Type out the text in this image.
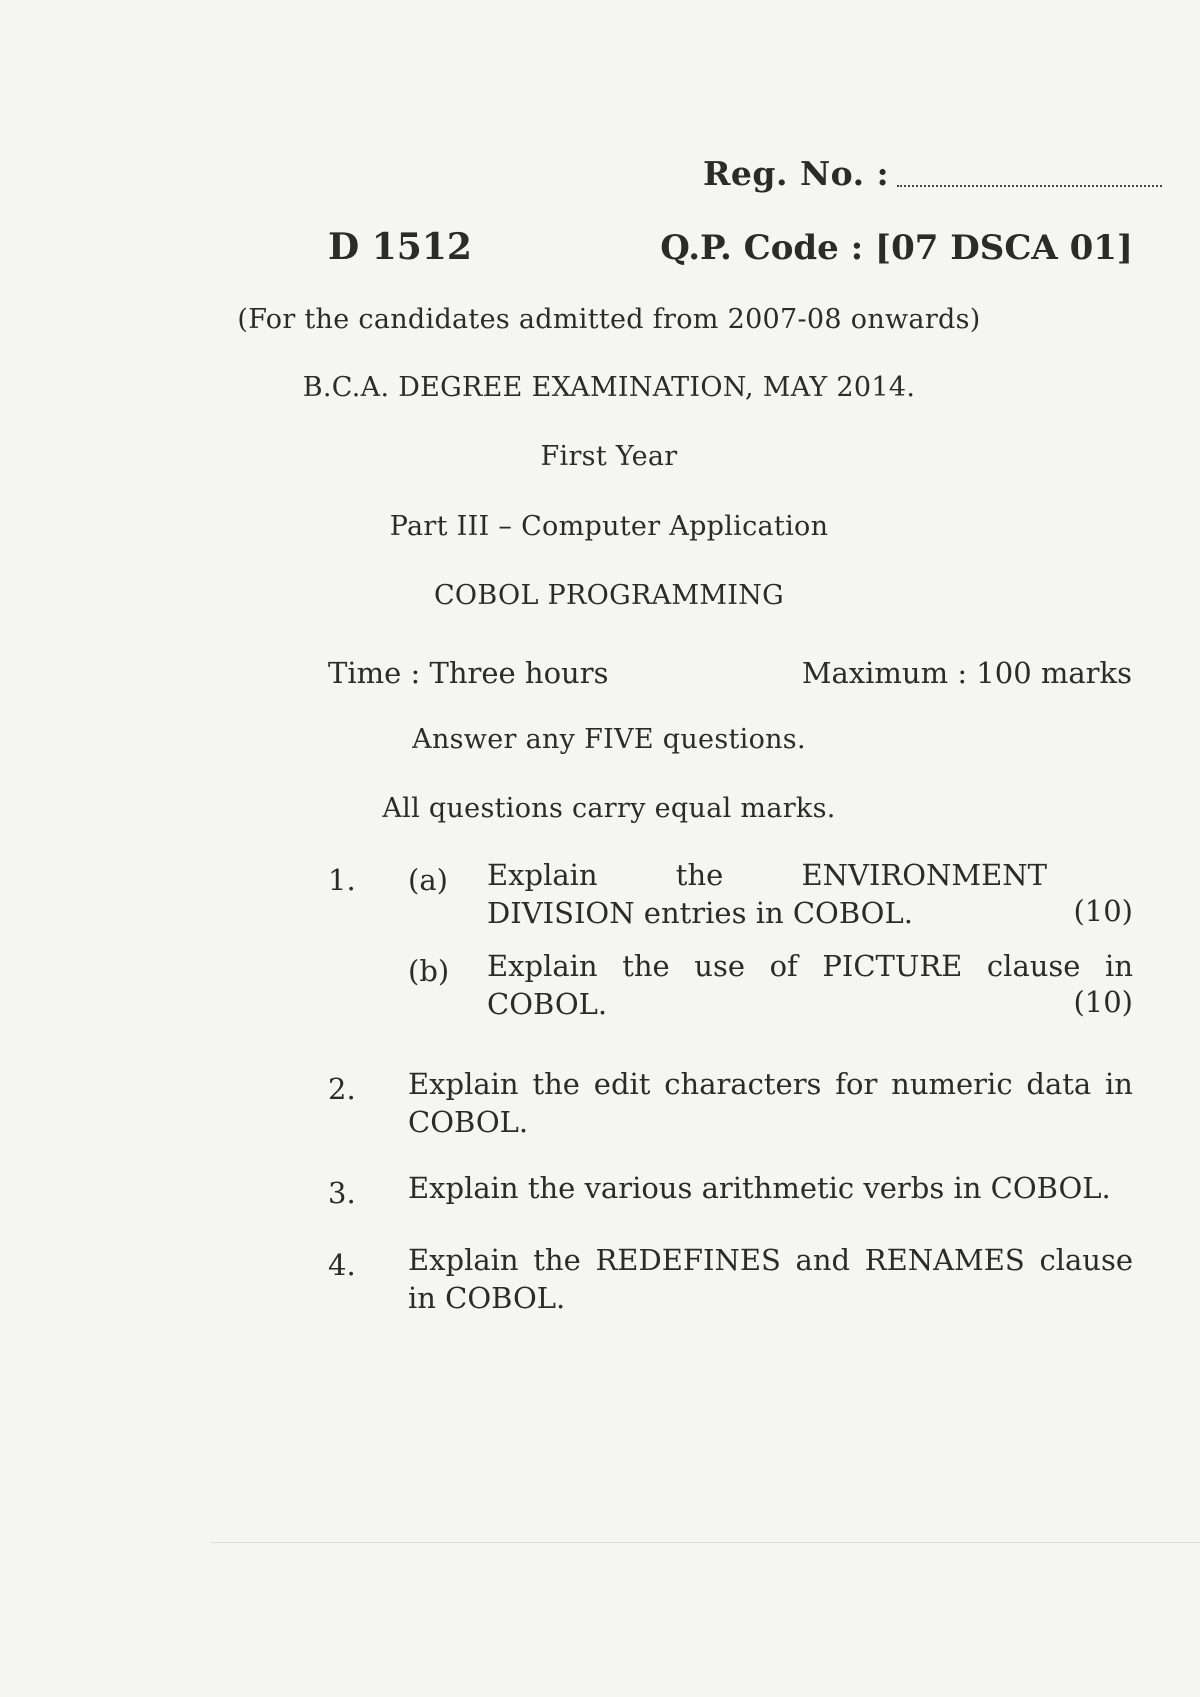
Reg. No. :
D 1512	Q.P. Code : [07 DSCA 01]
(For the candidates admitted from 2007-08 onwards)
B.C.A. DEGREE EXAMINATION, MAY 2014.
First Year
Part III – Computer Application
COBOL PROGRAMMING
Time : Three hours	Maximum : 100 marks
Answer any FIVE questions.
All questions carry equal marks.
1. (a) Explain the ENVIRONMENT DIVISION entries in COBOL.	(10)
(b) Explain the use of PICTURE clause in COBOL.	(10)
2. Explain the edit characters for numeric data in COBOL.
3. Explain the various arithmetic verbs in COBOL.
4. Explain the REDEFINES and RENAMES clause in COBOL.
